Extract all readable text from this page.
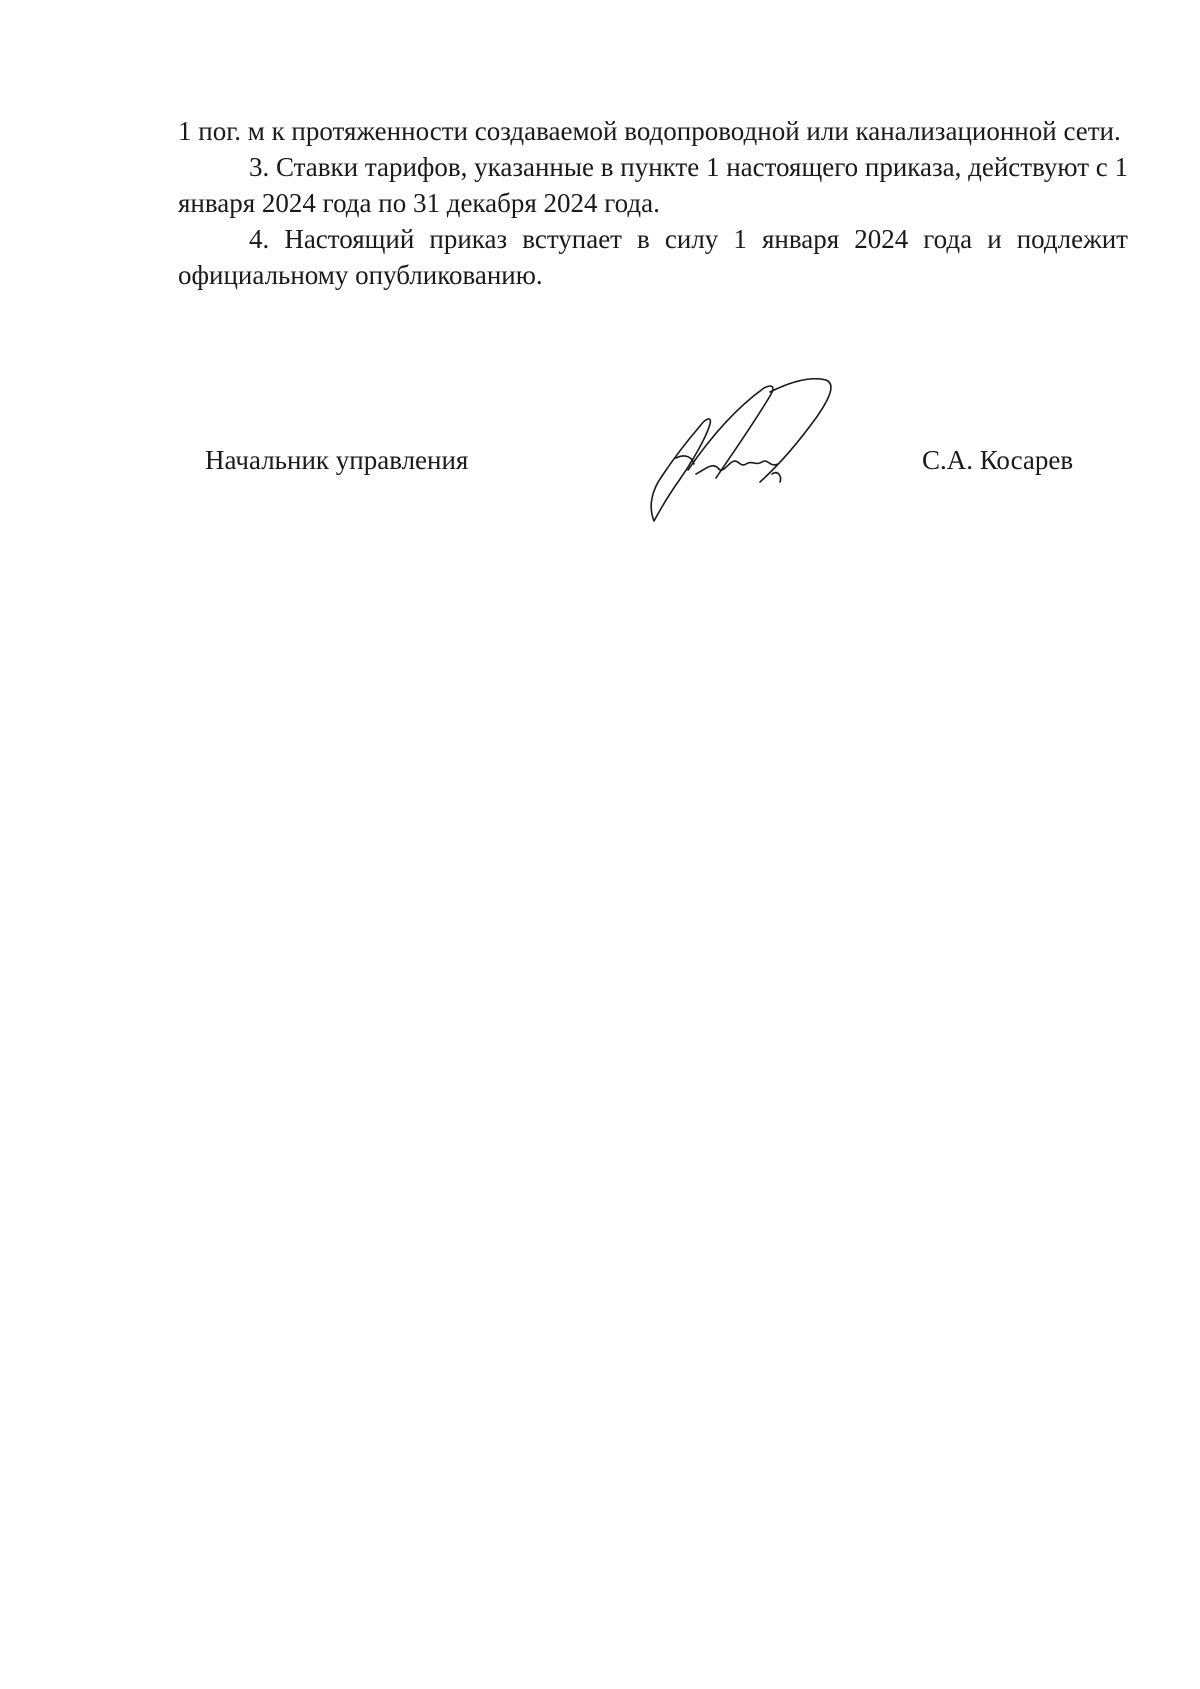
1 пог. м к протяженности создаваемой водопроводной или канализационной сети.

3. Ставки тарифов, указанные в пункте 1 настоящего приказа, действуют с 1 января 2024 года по 31 декабря 2024 года.

4. Настоящий приказ вступает в силу 1 января 2024 года и подлежит официальному опубликованию.

Начальник управления	С.А. Косарев
